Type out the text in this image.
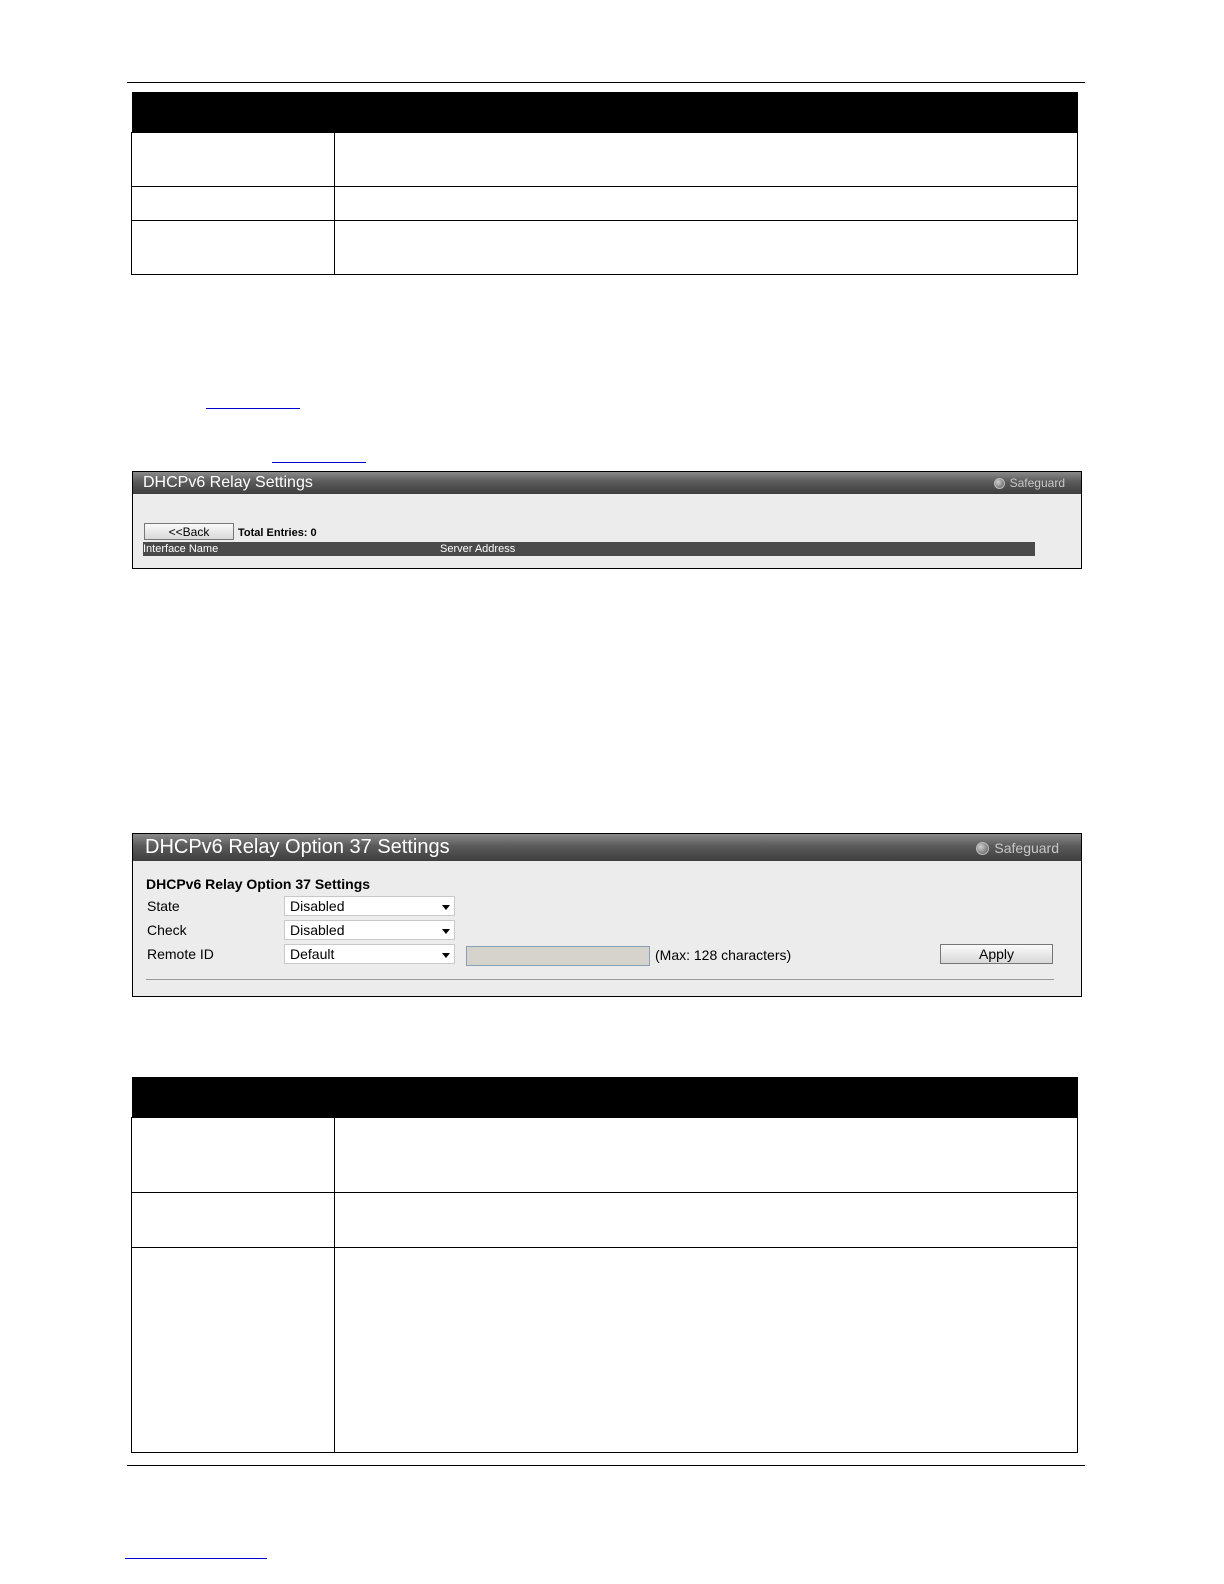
DHCPv6 Relay Settings	Safeguard
<<Back	Total Entries: 0
Interface Name	Server Address
DHCPv6 Relay Option 37 Settings	Safeguard
DHCPv6 Relay Option 37 Settings
State	Disabled
Check	Disabled
Remote ID	Default	(Max: 128 characters)	Apply
